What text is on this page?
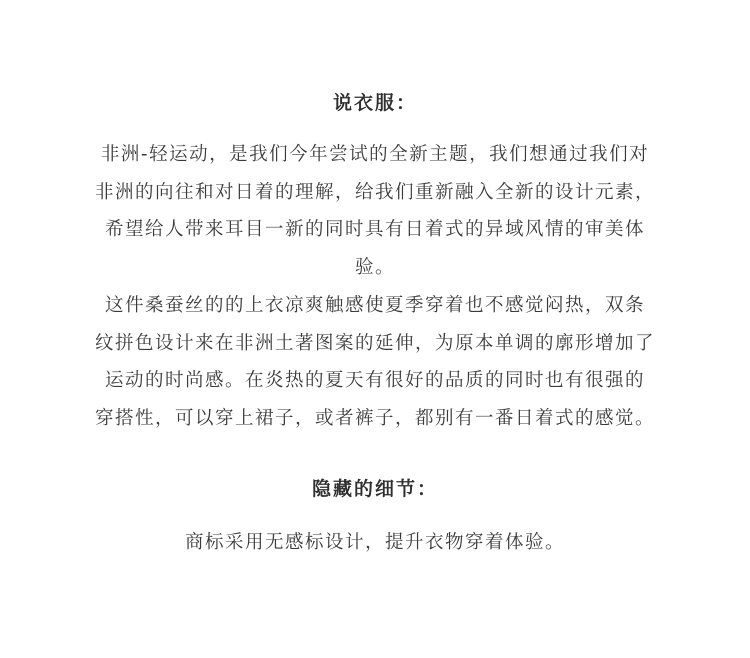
说衣服：
非洲-轻运动，是我们今年尝试的全新主题，我们想通过我们对
非洲的向往和对日着的理解，给我们重新融入全新的设计元素，
希望给人带来耳目一新的同时具有日着式的异域风情的审美体
验。
这件桑蚕丝的的上衣凉爽触感使夏季穿着也不感觉闷热，双条
纹拼色设计来在非洲土著图案的延伸，为原本单调的廓形增加了
运动的时尚感。在炎热的夏天有很好的品质的同时也有很强的
穿搭性，可以穿上裙子，或者裤子，都别有一番日着式的感觉。
隐藏的细节：
商标采用无感标设计，提升衣物穿着体验。
